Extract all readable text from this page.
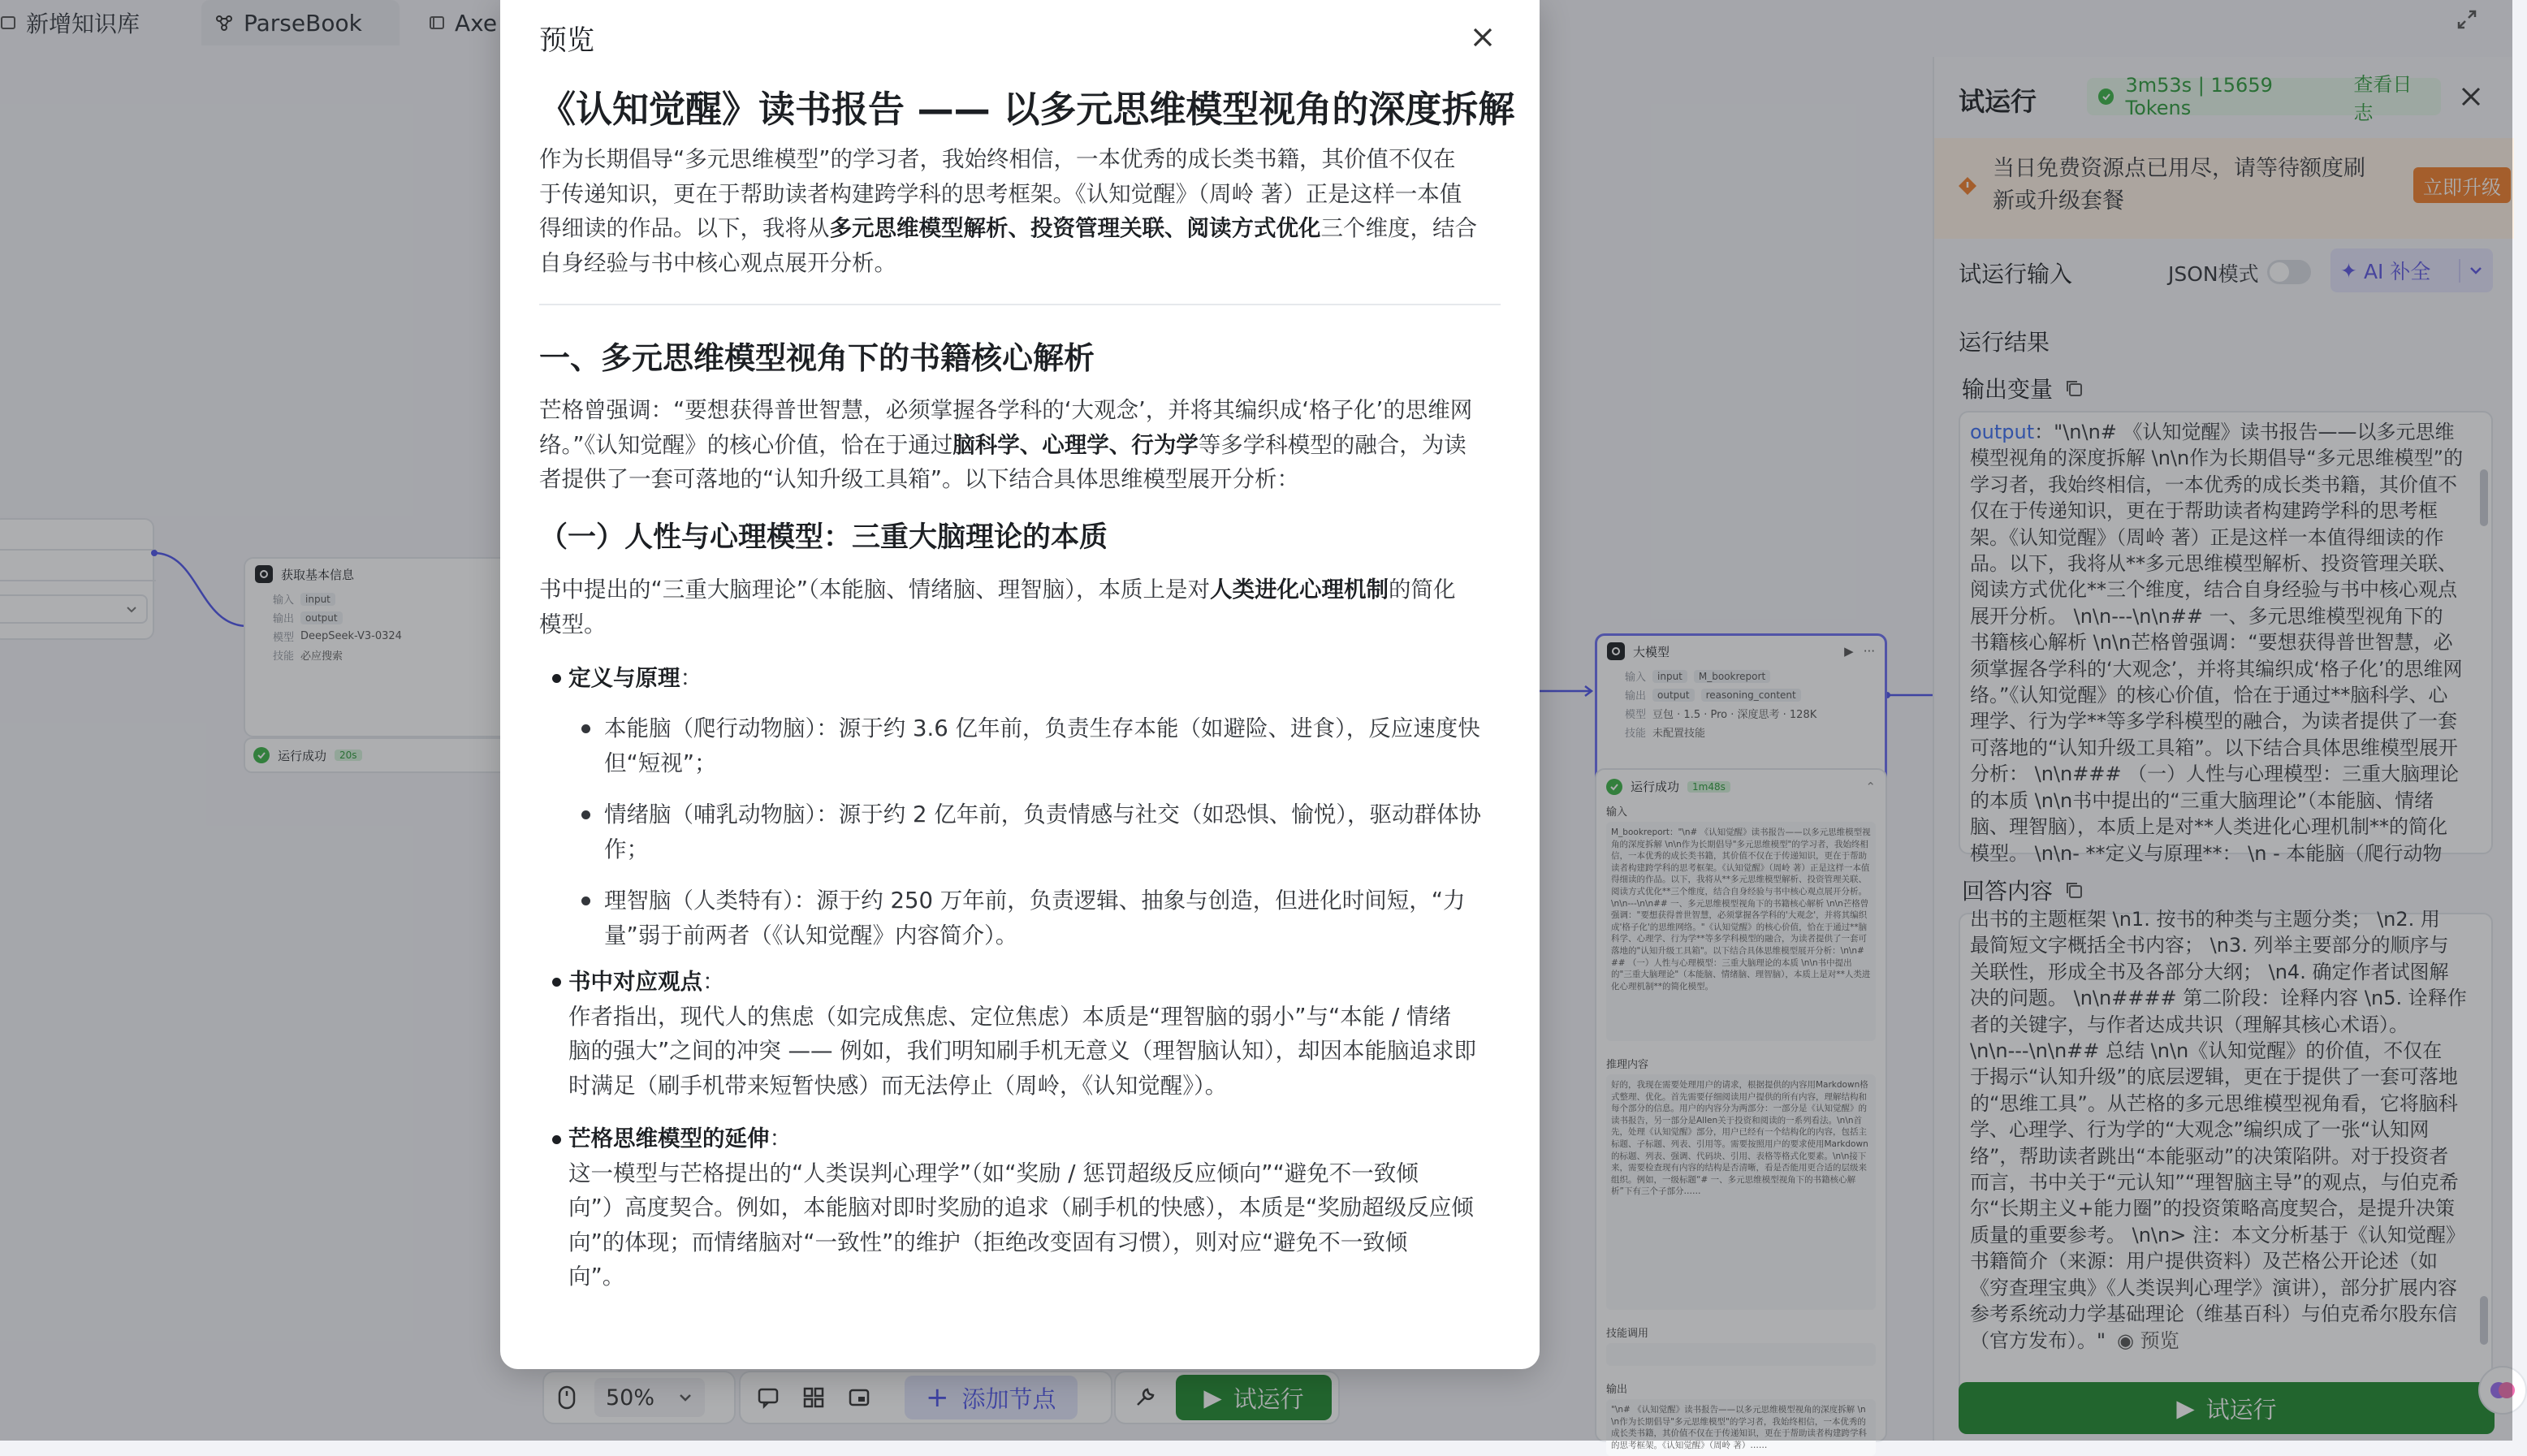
新增知识库	ParseBook	Axe
获取基本信息
输入	input
输出	output
模型 DeepSeek-V3-0324
技能 必应搜索
运行成功	20s
大模型	▶ ···
输入	input	M_bookreport
输出	output	reasoning_content
模型 豆包 · 1.5 · Pro · 深度思考 · 128K
技能 未配置技能
运行成功	1m48s	⌃
输入
M_bookreport："\n# 《认知觉醒》读书报告——以多元思维模型视角的深度拆解 \n\n作为长期倡导"多元思维模型"的学习者，我始终相信，一本优秀的成长类书籍，其价值不仅在于传递知识，更在于帮助读者构建跨学科的思考框架。《认知觉醒》（周岭 著）正是这样一本值得细读的作品。以下，我将从**多元思维模型解析、投资管理关联、阅读方式优化**三个维度，结合自身经验与书中核心观点展开分析。\n\n---\n\n## 一、多元思维模型视角下的书籍核心解析 \n\n芒格曾强调："要想获得普世智慧，必须掌握各学科的'大观念'，并将其编织成'格子化'的思维网络。"《认知觉醒》的核心价值，恰在于通过**脑科学、心理学、行为学**等多学科模型的融合，为读者提供了一套可落地的"认知升级工具箱"。以下结合具体思维模型展开分析：\n\n### （一）人性与心理模型：三重大脑理论的本质 \n\n书中提出的"三重大脑理论"（本能脑、情绪脑、理智脑），本质上是对**人类进化心理机制**的简化模型。
推理内容
好的，我现在需要处理用户的请求，根据提供的内容用Markdown格式整理、优化。首先需要仔细阅读用户提供的所有内容，理解结构和每个部分的信息。用户的内容分为两部分：一部分是《认知觉醒》的读书报告，另一部分是Allen关于投资和阅读的一系列看法。\n\n首先，处理《认知觉醒》部分，用户已经有一个结构化的内容，包括主标题、子标题、列表、引用等。需要按照用户的要求使用Markdown的标题、列表、强调、代码块、引用、表格等格式化要素。\n\n接下来，需要检查现有内容的结构是否清晰，看是否能用更合适的层级来组织。例如，一级标题“# 一、多元思维模型视角下的书籍核心解析”下有三个子部分……
技能调用
输出
"\n# 《认知觉醒》读书报告——以多元思维模型视角的深度拆解 \n\n作为长期倡导"多元思维模型"的学习者，我始终相信，一本优秀的成长类书籍，其价值不仅在于传递知识，更在于帮助读者构建跨学科的思考框架。《认知觉醒》（周岭 著）……
50%	+ 添加节点	▶ 试运行
试运行
3m53s | 15659 Tokens
查看日志
当日免费资源点已用尽，请等待额度刷
新或升级套餐
立即升级
试运行输入	JSON模式	✦ AI 补全
运行结果
输出变量
output："\n\n# 《认知觉醒》读书报告——以多元思维
模型视角的深度拆解 \n\n作为长期倡导“多元思维模型”的
学习者，我始终相信，一本优秀的成长类书籍，其价值不
仅在于传递知识，更在于帮助读者构建跨学科的思考框
架。《认知觉醒》（周岭 著）正是这样一本值得细读的作
品。以下，我将从**多元思维模型解析、投资管理关联、
阅读方式优化**三个维度，结合自身经验与书中核心观点
展开分析。 \n\n---\n\n## 一、多元思维模型视角下的
书籍核心解析 \n\n芒格曾强调：“要想获得普世智慧，必
须掌握各学科的‘大观念’，并将其编织成‘格子化’的思维网
络。”《认知觉醒》的核心价值，恰在于通过**脑科学、心
理学、行为学**等多学科模型的融合，为读者提供了一套
可落地的“认知升级工具箱”。以下结合具体思维模型展开
分析： \n\n### （一）人性与心理模型：三重大脑理论
的本质 \n\n书中提出的“三重大脑理论”（本能脑、情绪
脑、理智脑），本质上是对**人类进化心理机制**的简化
模型。 \n\n- **定义与原理**： \n - 本能脑（爬行动物
回答内容
出书的主题框架 \n1. 按书的种类与主题分类； \n2. 用
最简短文字概括全书内容； \n3. 列举主要部分的顺序与
关联性，形成全书及各部分大纲； \n4. 确定作者试图解
决的问题。 \n\n#### 第二阶段：诠释内容 \n5. 诠释作
者的关键字，与作者达成共识（理解其核心术语）。
\n\n---\n\n## 总结 \n\n《认知觉醒》的价值，不仅在
于揭示“认知升级”的底层逻辑，更在于提供了一套可落地
的“思维工具”。从芒格的多元思维模型视角看，它将脑科
学、心理学、行为学的“大观念”编织成了一张“认知网
络”，帮助读者跳出“本能驱动”的决策陷阱。对于投资者
而言，书中关于“元认知”“理智脑主导”的观点，与伯克希
尔“长期主义+能力圈”的投资策略高度契合，是提升决策
质量的重要参考。 \n\n> 注：本文分析基于《认知觉醒》
书籍简介（来源：用户提供资料）及芒格公开论述（如
《穷查理宝典》《人类误判心理学》演讲），部分扩展内容
参考系统动力学基础理论（维基百科）与伯克希尔股东信
（官方发布）。" ◉ 预览
▶ 试运行
预览
《认知觉醒》读书报告 —— 以多元思维模型视角的深度拆解
作为长期倡导“多元思维模型”的学习者，我始终相信，一本优秀的成长类书籍，其价值不仅在
于传递知识，更在于帮助读者构建跨学科的思考框架。《认知觉醒》（周岭 著）正是这样一本值
得细读的作品。以下，我将从多元思维模型解析、投资管理关联、阅读方式优化三个维度，结合
自身经验与书中核心观点展开分析。
一、多元思维模型视角下的书籍核心解析
芒格曾强调：“要想获得普世智慧，必须掌握各学科的‘大观念’，并将其编织成‘格子化’的思维网
络。”《认知觉醒》的核心价值，恰在于通过脑科学、心理学、行为学等多学科模型的融合，为读
者提供了一套可落地的“认知升级工具箱”。以下结合具体思维模型展开分析：
（一）人性与心理模型：三重大脑理论的本质
书中提出的“三重大脑理论”（本能脑、情绪脑、理智脑），本质上是对人类进化心理机制的简化
模型。
定义与原理：
本能脑（爬行动物脑）：源于约 3.6 亿年前，负责生存本能（如避险、进食），反应速度快
但“短视”；
情绪脑（哺乳动物脑）：源于约 2 亿年前，负责情感与社交（如恐惧、愉悦），驱动群体协
作；
理智脑（人类特有）：源于约 250 万年前，负责逻辑、抽象与创造，但进化时间短，“力
量”弱于前两者（《认知觉醒》内容简介）。
书中对应观点：
作者指出，现代人的焦虑（如完成焦虑、定位焦虑）本质是“理智脑的弱小”与“本能 / 情绪
脑的强大”之间的冲突 —— 例如，我们明知刷手机无意义（理智脑认知），却因本能脑追求即
时满足（刷手机带来短暂快感）而无法停止（周岭，《认知觉醒》）。
芒格思维模型的延伸：
这一模型与芒格提出的“人类误判心理学”（如“奖励 / 惩罚超级反应倾向”“避免不一致倾
向”）高度契合。例如，本能脑对即时奖励的追求（刷手机的快感），本质是“奖励超级反应倾
向”的体现；而情绪脑对“一致性”的维护（拒绝改变固有习惯），则对应“避免不一致倾
向”。
